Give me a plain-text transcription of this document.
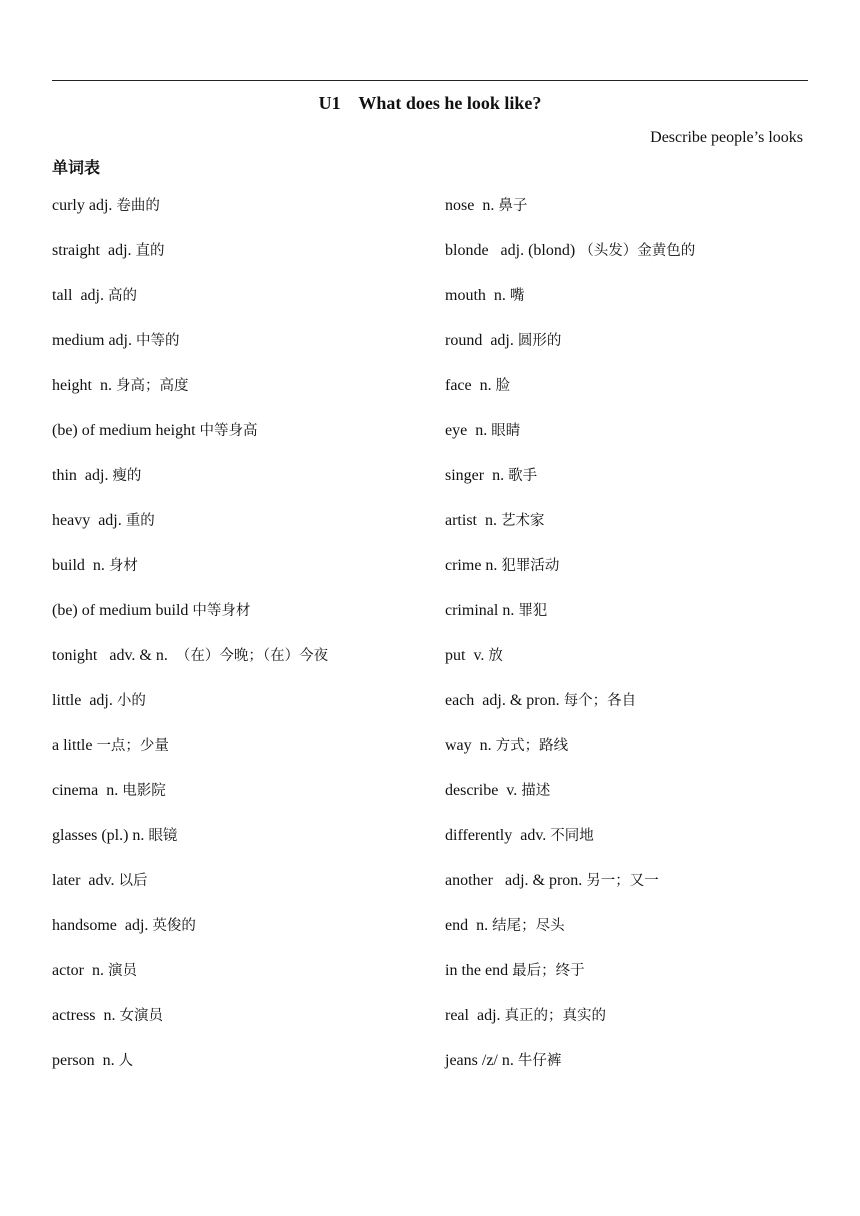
U1    What does he look like?
Describe people’s looks
单词表
curly adj. 卷曲的
straight  adj. 直的
tall  adj. 高的
medium adj. 中等的
height  n. 身高；高度
(be) of medium height 中等身高
thin  adj. 瘦的
heavy  adj. 重的
build  n. 身材
(be) of medium build 中等身材
tonight   adv. & n.  （在）今晚；（在）今夜
little  adj. 小的
a little 一点；少量
cinema  n. 电影院
glasses (pl.) n. 眼镜
later  adv. 以后
handsome  adj. 英俊的
actor  n. 演员
actress  n. 女演员
person  n. 人
nose  n. 鼻子
blonde   adj. (blond) （头发）金黄色的
mouth  n. 嘴
round  adj. 圆形的
face  n. 脸
eye  n. 眼睛
singer  n. 歌手
artist  n. 艺术家
crime n. 犯罪活动
criminal n. 罪犯
put  v. 放
each  adj. & pron. 每个；各自
way  n. 方式；路线
describe  v. 描述
differently  adv. 不同地
another   adj. & pron. 另一；又一
end  n. 结尾；尽头
in the end 最后；终于
real  adj. 真正的；真实的
jeans /z/ n. 牛仔裤
